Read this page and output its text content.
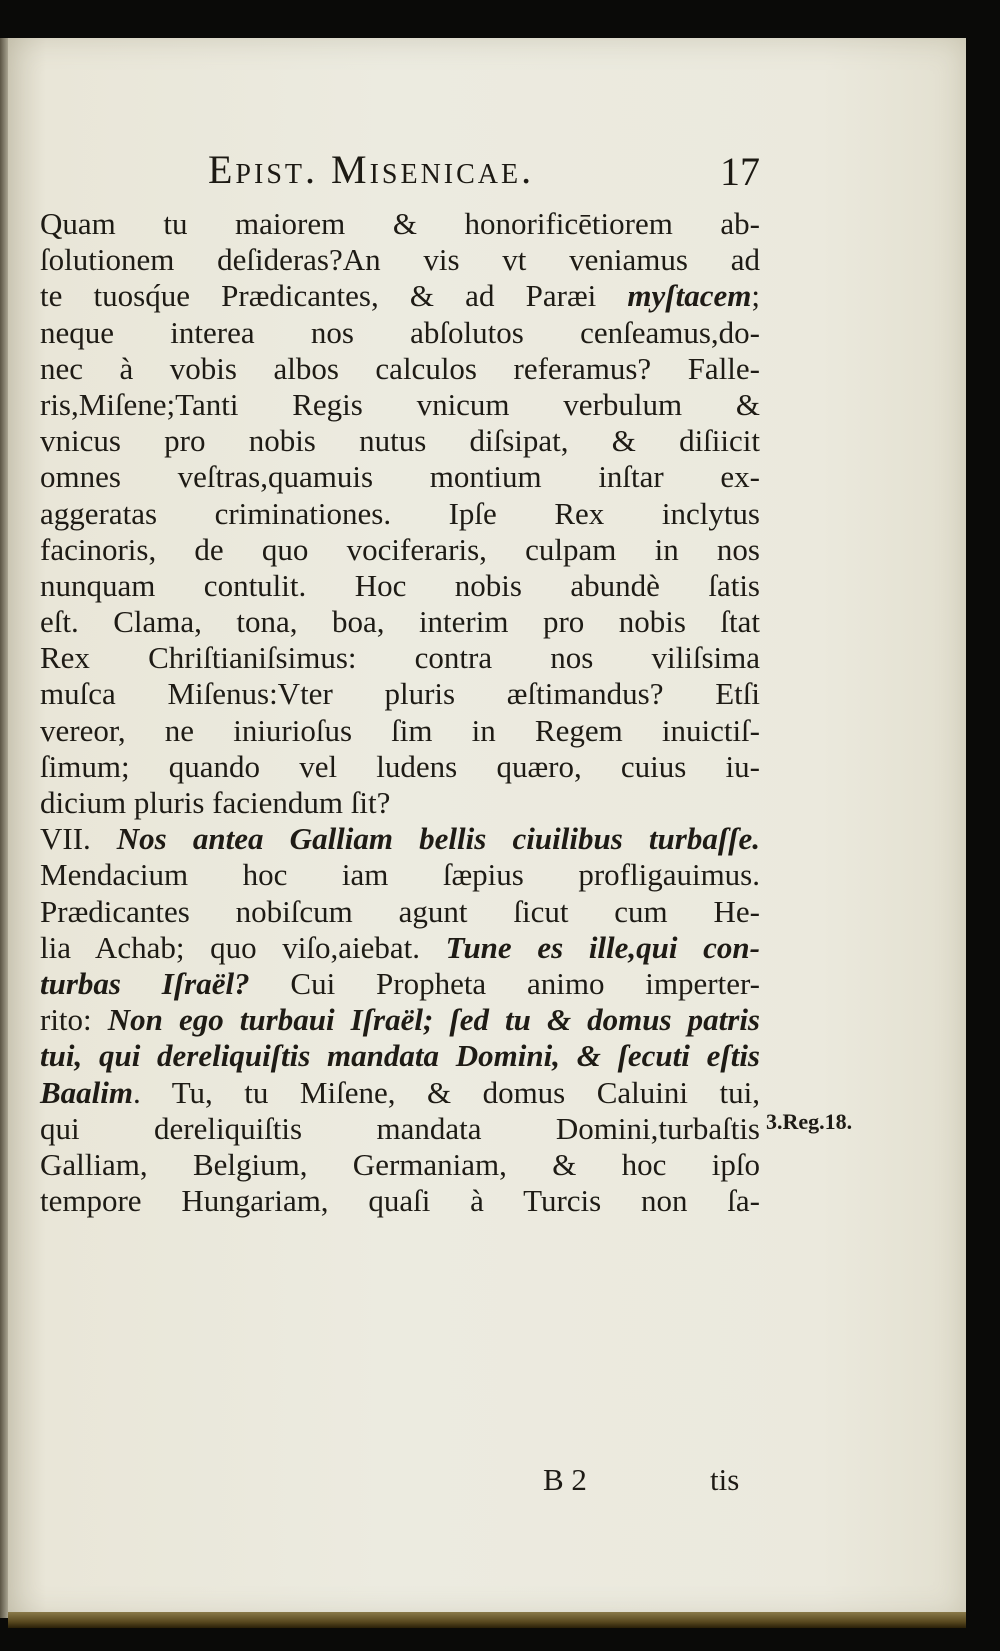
Epist. Misenicae.	17
Quam tu maiorem & honorificētiorem ab-
ſolutionem deſideras?An vis vt veniamus ad
te tuosq́ue Prædicantes, & ad Paræi myſtacem;
neque interea nos abſolutos cenſeamus,do-
nec à vobis albos calculos referamus? Falle-
ris,Miſene;Tanti Regis vnicum verbulum &
vnicus pro nobis nutus diſsipat, & diſiicit
omnes veſtras,quamuis montium inſtar ex-
aggeratas criminationes. Ipſe Rex inclytus
facinoris, de quo vociferaris, culpam in nos
nunquam contulit. Hoc nobis abundè ſatis
eſt. Clama, tona, boa, interim pro nobis ſtat
Rex Chriſtianiſsimus: contra nos viliſsima
muſca Miſenus:Vter pluris æſtimandus? Etſi
vereor, ne iniurioſus ſim in Regem inuictiſ-
ſimum; quando vel ludens quæro, cuius iu-
dicium pluris faciendum ſit?
VII. Nos antea Galliam bellis ciuilibus turbaſſe.
Mendacium hoc iam ſæpius profligauimus.
Prædicantes nobiſcum agunt ſicut cum He-
lia Achab; quo viſo,aiebat. Tune es ille,qui con-
turbas Iſraël? Cui Propheta animo imperter-
rito: Non ego turbaui Iſraël; ſed tu & domus patris
tui, qui dereliquiſtis mandata Domini, & ſecuti eſtis
Baalim. Tu, tu Miſene, & domus Caluini tui,
qui dereliquiſtis mandata Domini,turbaſtis
Galliam, Belgium, Germaniam, & hoc ipſo
tempore Hungariam, quaſi à Turcis non ſa-
3.Reg.18.
B 2	tis
